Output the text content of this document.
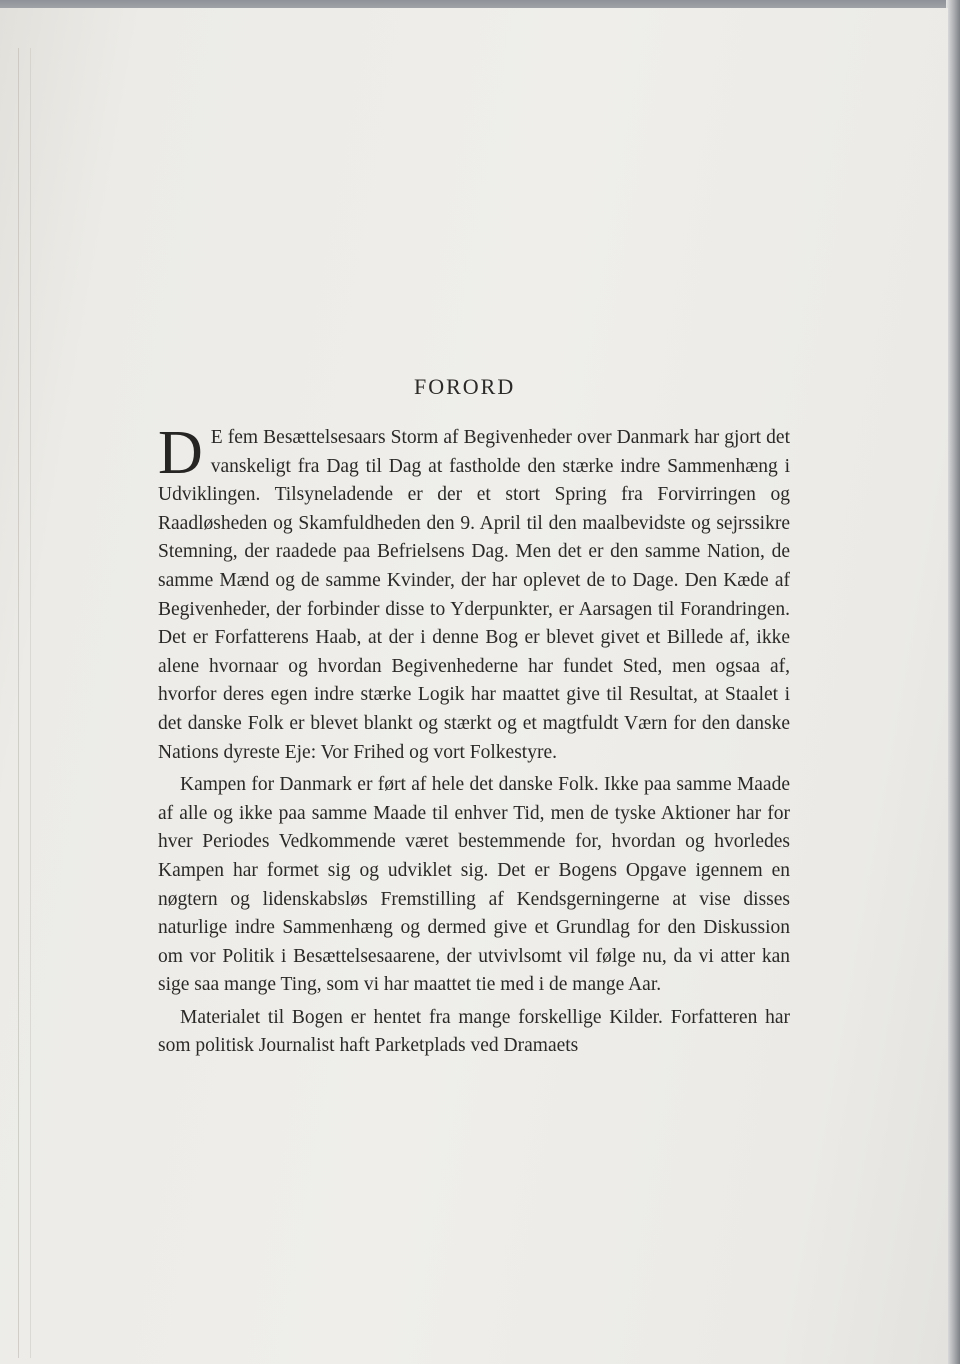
FORORD

D E fem Besættelsesaars Storm af Begivenheder over Danmark har gjort det vanskeligt fra Dag til Dag at fastholde den stærke indre Sammenhæng i Udviklingen. Tilsyneladende er der et stort Spring fra Forvirringen og Raadløsheden og Skamfuldheden den 9. April til den maalbevidste og sejrssikre Stemning, der raadede paa Befrielsens Dag. Men det er den samme Nation, de samme Mænd og de samme Kvinder, der har oplevet de to Dage. Den Kæde af Begivenheder, der forbinder disse to Yderpunkter, er Aarsagen til Forandringen. Det er Forfatterens Haab, at der i denne Bog er blevet givet et Billede af, ikke alene hvornaar og hvordan Begivenhederne har fundet Sted, men ogsaa af, hvorfor deres egen indre stærke Logik har maattet give til Resultat, at Staalet i det danske Folk er blevet blankt og stærkt og et magtfuldt Værn for den danske Nations dyreste Eje: Vor Frihed og vort Folkestyre.

Kampen for Danmark er ført af hele det danske Folk. Ikke paa samme Maade af alle og ikke paa samme Maade til enhver Tid, men de tyske Aktioner har for hver Periodes Vedkommende været bestemmende for, hvordan og hvorledes Kampen har formet sig og udviklet sig. Det er Bogens Opgave igennem en nøgtern og lidenskabsløs Fremstilling af Kendsgerningerne at vise disses naturlige indre Sammenhæng og dermed give et Grundlag for den Diskussion om vor Politik i Besættelsesaarene, der utvivlsomt vil følge nu, da vi atter kan sige saa mange Ting, som vi har maattet tie med i de mange Aar.

Materialet til Bogen er hentet fra mange forskellige Kilder. Forfatteren har som politisk Journalist haft Parketplads ved Dramaets
